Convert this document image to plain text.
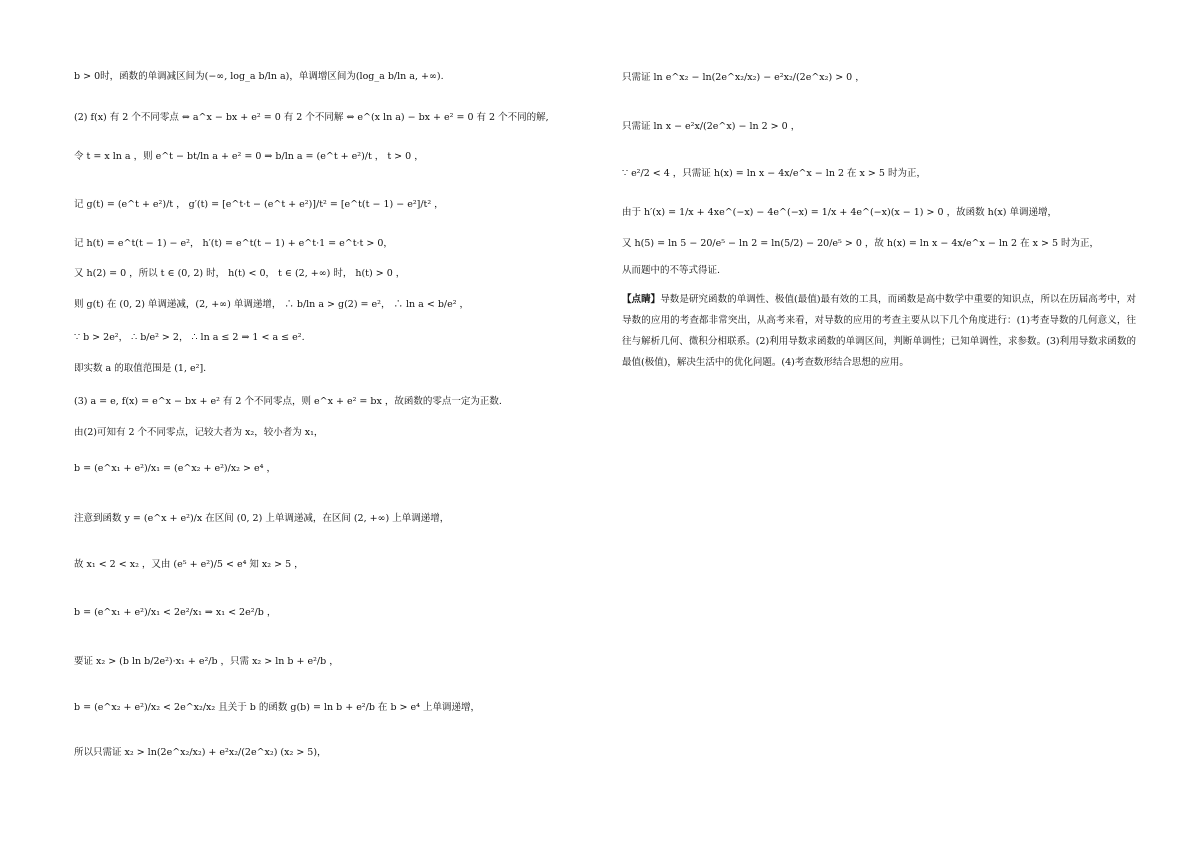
b > 0时，函数的单调减区间为(−∞, log_a b/ln a)，单调增区间为(log_a b/ln a, +∞).
(2) f(x) 有 2 个不同零点 ⇔ a^x − bx + e² = 0 有 2 个不同解 ⇔ e^(x ln a) − bx + e² = 0 有 2 个不同的解,
令 t = x ln a ，则 e^t − bt/ln a + e² = 0 ⇒ b/ln a = (e^t + e²)/t ， t > 0 ，
记 g(t) = (e^t + e²)/t ， g′(t) = [e^t·t − (e^t + e²)]/t² = [e^t(t − 1) − e²]/t² ，
记 h(t) = e^t(t − 1) − e²， h′(t) = e^t(t − 1) + e^t·1 = e^t·t > 0，
又 h(2) = 0 ，所以 t ∈ (0, 2) 时， h(t) < 0， t ∈ (2, +∞) 时， h(t) > 0 ，
则 g(t) 在 (0, 2) 单调递减，(2, +∞) 单调递增， ∴ b/ln a > g(2) = e²， ∴ ln a < b/e² ，
∵ b > 2e²， ∴ b/e² > 2， ∴ ln a ≤ 2 ⇒ 1 < a ≤ e².
即实数 a 的取值范围是 (1, e²].
(3) a = e, f(x) = e^x − bx + e² 有 2 个不同零点，则 e^x + e² = bx ，故函数的零点一定为正数.
由(2)可知有 2 个不同零点，记较大者为 x₂，较小者为 x₁，
b = (e^x₁ + e²)/x₁ = (e^x₂ + e²)/x₂ > e⁴ ，
注意到函数 y = (e^x + e²)/x 在区间 (0, 2) 上单调递减，在区间 (2, +∞) 上单调递增，
故 x₁ < 2 < x₂ ，又由 (e⁵ + e²)/5 < e⁴ 知 x₂ > 5 ，
b = (e^x₁ + e²)/x₁ < 2e²/x₁ ⇒ x₁ < 2e²/b ，
要证 x₂ > (b ln b/2e²)·x₁ + e²/b ，只需 x₂ > ln b + e²/b ，
b = (e^x₂ + e²)/x₂ < 2e^x₂/x₂ 且关于 b 的函数 g(b) = ln b + e²/b 在 b > e⁴ 上单调递增，
所以只需证 x₂ > ln(2e^x₂/x₂) + e²x₂/(2e^x₂) (x₂ > 5)，
只需证 ln e^x₂ − ln(2e^x₂/x₂) − e²x₂/(2e^x₂) > 0 ，
只需证 ln x − e²x/(2e^x) − ln 2 > 0 ，
∵ e²/2 < 4 ，只需证 h(x) = ln x − 4x/e^x − ln 2 在 x > 5 时为正，
由于 h′(x) = 1/x + 4xe^(−x) − 4e^(−x) = 1/x + 4e^(−x)(x − 1) > 0 ，故函数 h(x) 单调递增，
又 h(5) = ln 5 − 20/e⁵ − ln 2 = ln(5/2) − 20/e⁵ > 0 ，故 h(x) = ln x − 4x/e^x − ln 2 在 x > 5 时为正，
从而题中的不等式得证.
【点睛】导数是研究函数的单调性、极值(最值)最有效的工具，而函数是高中数学中重要的知识点，所以在历届高考中，对导数的应用的考查都非常突出，从高考来看，对导数的应用的考查主要从以下几个角度进行：(1)考查导数的几何意义，往往与解析几何、微积分相联系。(2)利用导数求函数的单调区间，判断单调性；已知单调性，求参数。(3)利用导数求函数的最值(极值)，解决生活中的优化问题。(4)考查数形结合思想的应用。
